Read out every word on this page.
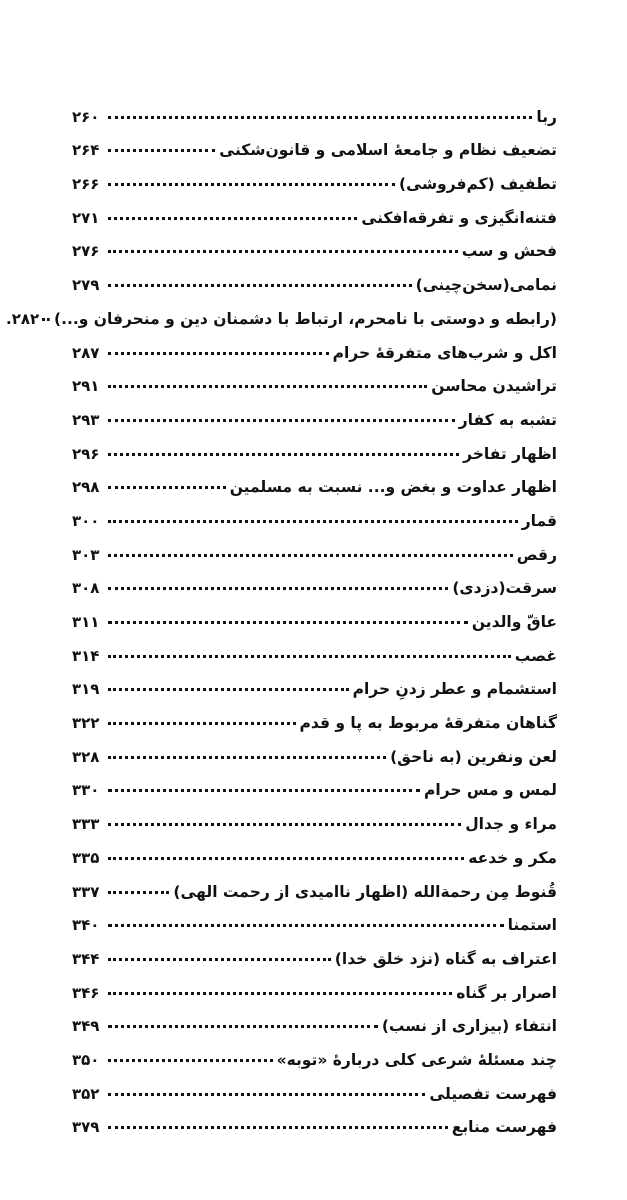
ربا
۲۶۰
تضعیف نظام و جامعهٔ اسلامی و قانون‌شکنی
۲۶۴
تطفیف (کم‌فروشی)
۲۶۶
فتنه‌انگیزی و تفرقه‌افکنی
۲۷۱
فحش و سب
۲۷۶
نمامی(سخن‌چینی)
۲۷۹
(رابطه و دوستی با نامحرم، ارتباط با دشمنان دین و منحرفان و...)
۲۸۲.
اکل و شرب‌های متفرقهٔ حرام
۲۸۷
تراشیدن محاسن
۲۹۱
تشبه به کفار
۲۹۳
اظهار تفاخر
۲۹۶
اظهار عداوت و بغض و... نسبت به مسلمین
۲۹۸
قمار
۳۰۰
رقص
۳۰۳
سرقت(دزدی)
۳۰۸
عاقّ والدین
۳۱۱
غصب
۳۱۴
استشمام و عطر زدنِ حرام
۳۱۹
گناهان متفرقهٔ مربوط به پا و قدم
۳۲۲
لعن ونفرین (به ناحق)
۳۲۸
لمس و مس حرام
۳۳۰
مراء و جدال
۳۳۳
مکر و خدعه
۳۳۵
قُنوط مِن رحمة‌الله (اظهار ناامیدی از رحمت الهی)
۳۳۷
استمنا
۳۴۰
اعتراف به گناه (نزد خلق خدا)
۳۴۴
اصرار بر گناه
۳۴۶
انتفاء (بیزاری از نسب)
۳۴۹
چند مسئلهٔ شرعی کلی دربارهٔ «توبه»
۳۵۰
فهرست تفصیلی
۳۵۲
فهرست منابع
۳۷۹
